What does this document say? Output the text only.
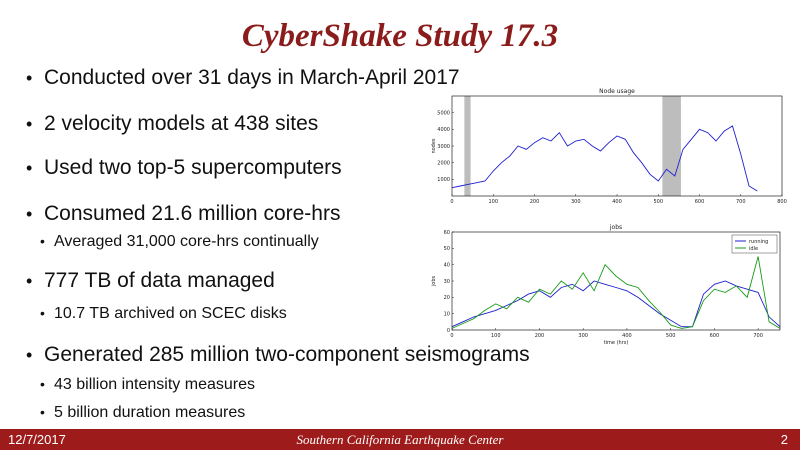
CyberShake Study 17.3
• Conducted over 31 days in March-April 2017
• 2 velocity models at 438 sites
• Used two top-5 supercomputers
• Consumed 21.6 million core-hrs
• Averaged 31,000 core-hrs continually
• 777 TB of data managed
• 10.7 TB archived on SCEC disks
• Generated 285 million two-component seismograms
• 43 billion intensity measures
• 5 billion duration measures
Node usage
0	100	200	300	400	500	600	700	800
1000
2000
3000
4000
5000
nodes
jobs
0	100	200	300	400	500	600	700
0
10
20
30
40
50
60
jobs
time (hrs)
running
idle
12/7/2017	Southern California Earthquake Center	2
